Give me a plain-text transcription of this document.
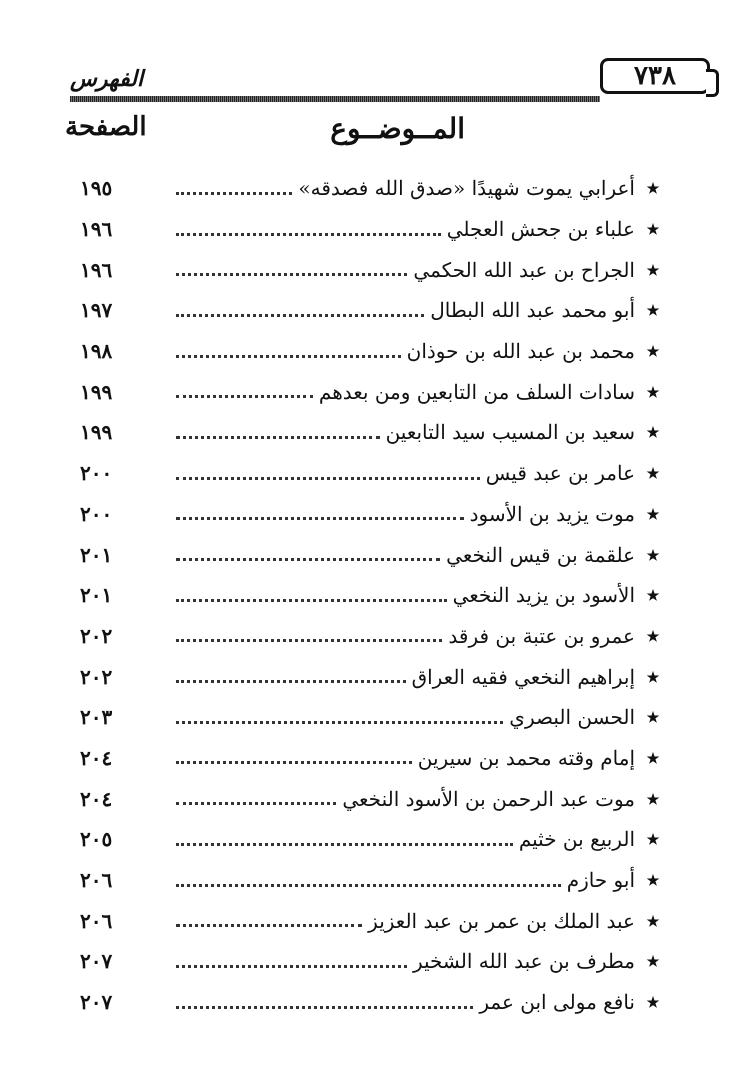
الفهرس	٧٣٨
المــوضــوع
الصفحة
٭
أعرابي يموت شهيدًا «صدق الله فصدقه»
١٩٥
٭
علباء بن جحش العجلي
١٩٦
٭
الجراح بن عبد الله الحكمي
١٩٦
٭
أبو محمد عبد الله البطال
١٩٧
٭
محمد بن عبد الله بن حوذان
١٩٨
٭
سادات السلف من التابعين ومن بعدهم
١٩٩
٭
سعيد بن المسيب سيد التابعين
١٩٩
٭
عامر بن عبد قيس
٢٠٠
٭
موت يزيد بن الأسود
٢٠٠
٭
علقمة بن قيس النخعي
٢٠١
٭
الأسود بن يزيد النخعي
٢٠١
٭
عمرو بن عتبة بن فرقد
٢٠٢
٭
إبراهيم النخعي فقيه العراق
٢٠٢
٭
الحسن البصري
٢٠٣
٭
إمام وقته محمد بن سيرين
٢٠٤
٭
موت عبد الرحمن بن الأسود النخعي
٢٠٤
٭
الربيع بن خثيم
٢٠٥
٭
أبو حازم
٢٠٦
٭
عبد الملك بن عمر بن عبد العزيز
٢٠٦
٭
مطرف بن عبد الله الشخير
٢٠٧
٭
نافع مولى ابن عمر
٢٠٧
